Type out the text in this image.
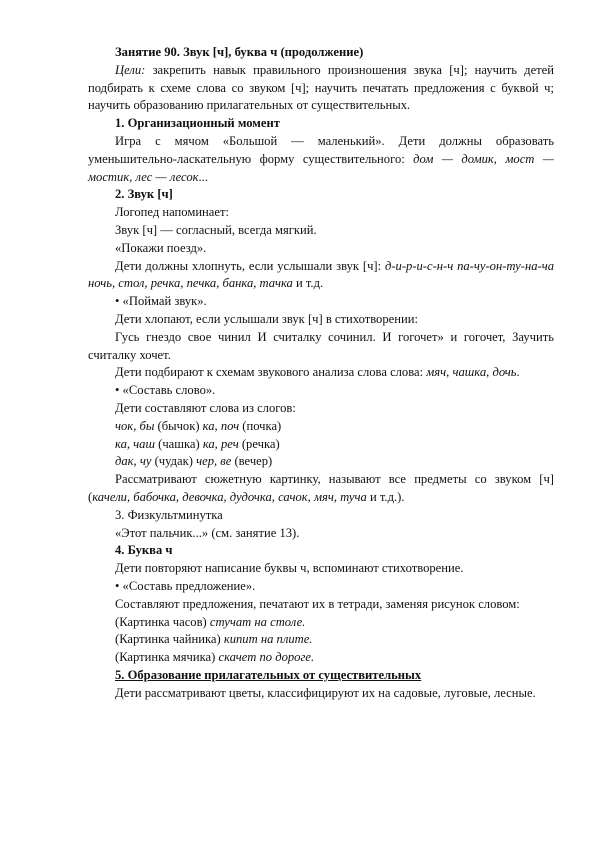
Занятие 90. Звук [ч], буква ч (продолжение)

Цели: закрепить навык правильного произношения звука [ч]; научить детей подбирать к схеме слова со звуком [ч]; научить печатать предложения с буквой ч; научить образованию прилагательных от существительных.

1. Организационный момент

Игра с мячом «Большой — маленький». Дети должны образовать уменьшительно-ласкательную форму существительного: дом — домик, мост — мостик, лес — лесок...

2. Звук [ч]

Логопед напоминает:

Звук [ч] — согласный, всегда мягкий.

«Покажи поезд».

Дети должны хлопнуть, если услышали звук [ч]: д-и-р-и-с-н-ч па-чу-он-ту-на-ча ночь, стол, речка, печка, банка, тачка и т.д.

• «Поймай звук».

Дети хлопают, если услышали звук [ч] в стихотворении:

Гусь гнездо свое чинил И считалку сочинил. И гогочет» и гогочет, Заучить считалку хочет.

Дети подбирают к схемам звукового анализа слова слова: мяч, чашка, дочь.

• «Составь слово».

Дети составляют слова из слогов:

чок, бы (бычок) ка, поч (почка)

ка, чаш (чашка) ка, реч (речка)

дак, чу (чудак) чер, ве (вечер)

Рассматривают сюжетную картинку, называют все предметы со звуком [ч] (качели, бабочка, девочка, дудочка, сачок, мяч, туча и т.д.).

3. Физкультминутка

«Этот пальчик...» (см. занятие 13).

4. Буква ч

Дети повторяют написание буквы ч, вспоминают стихотворение.

• «Составь предложение».

Составляют предложения, печатают их в тетради, заменяя рисунок словом:

(Картинка часов) стучат на столе.

(Картинка чайника) кипит на плите.

(Картинка мячика) скачет по дороге.

5. Образование прилагательных от существительных

Дети рассматривают цветы, классифицируют их на садовые, луговые, лесные.
